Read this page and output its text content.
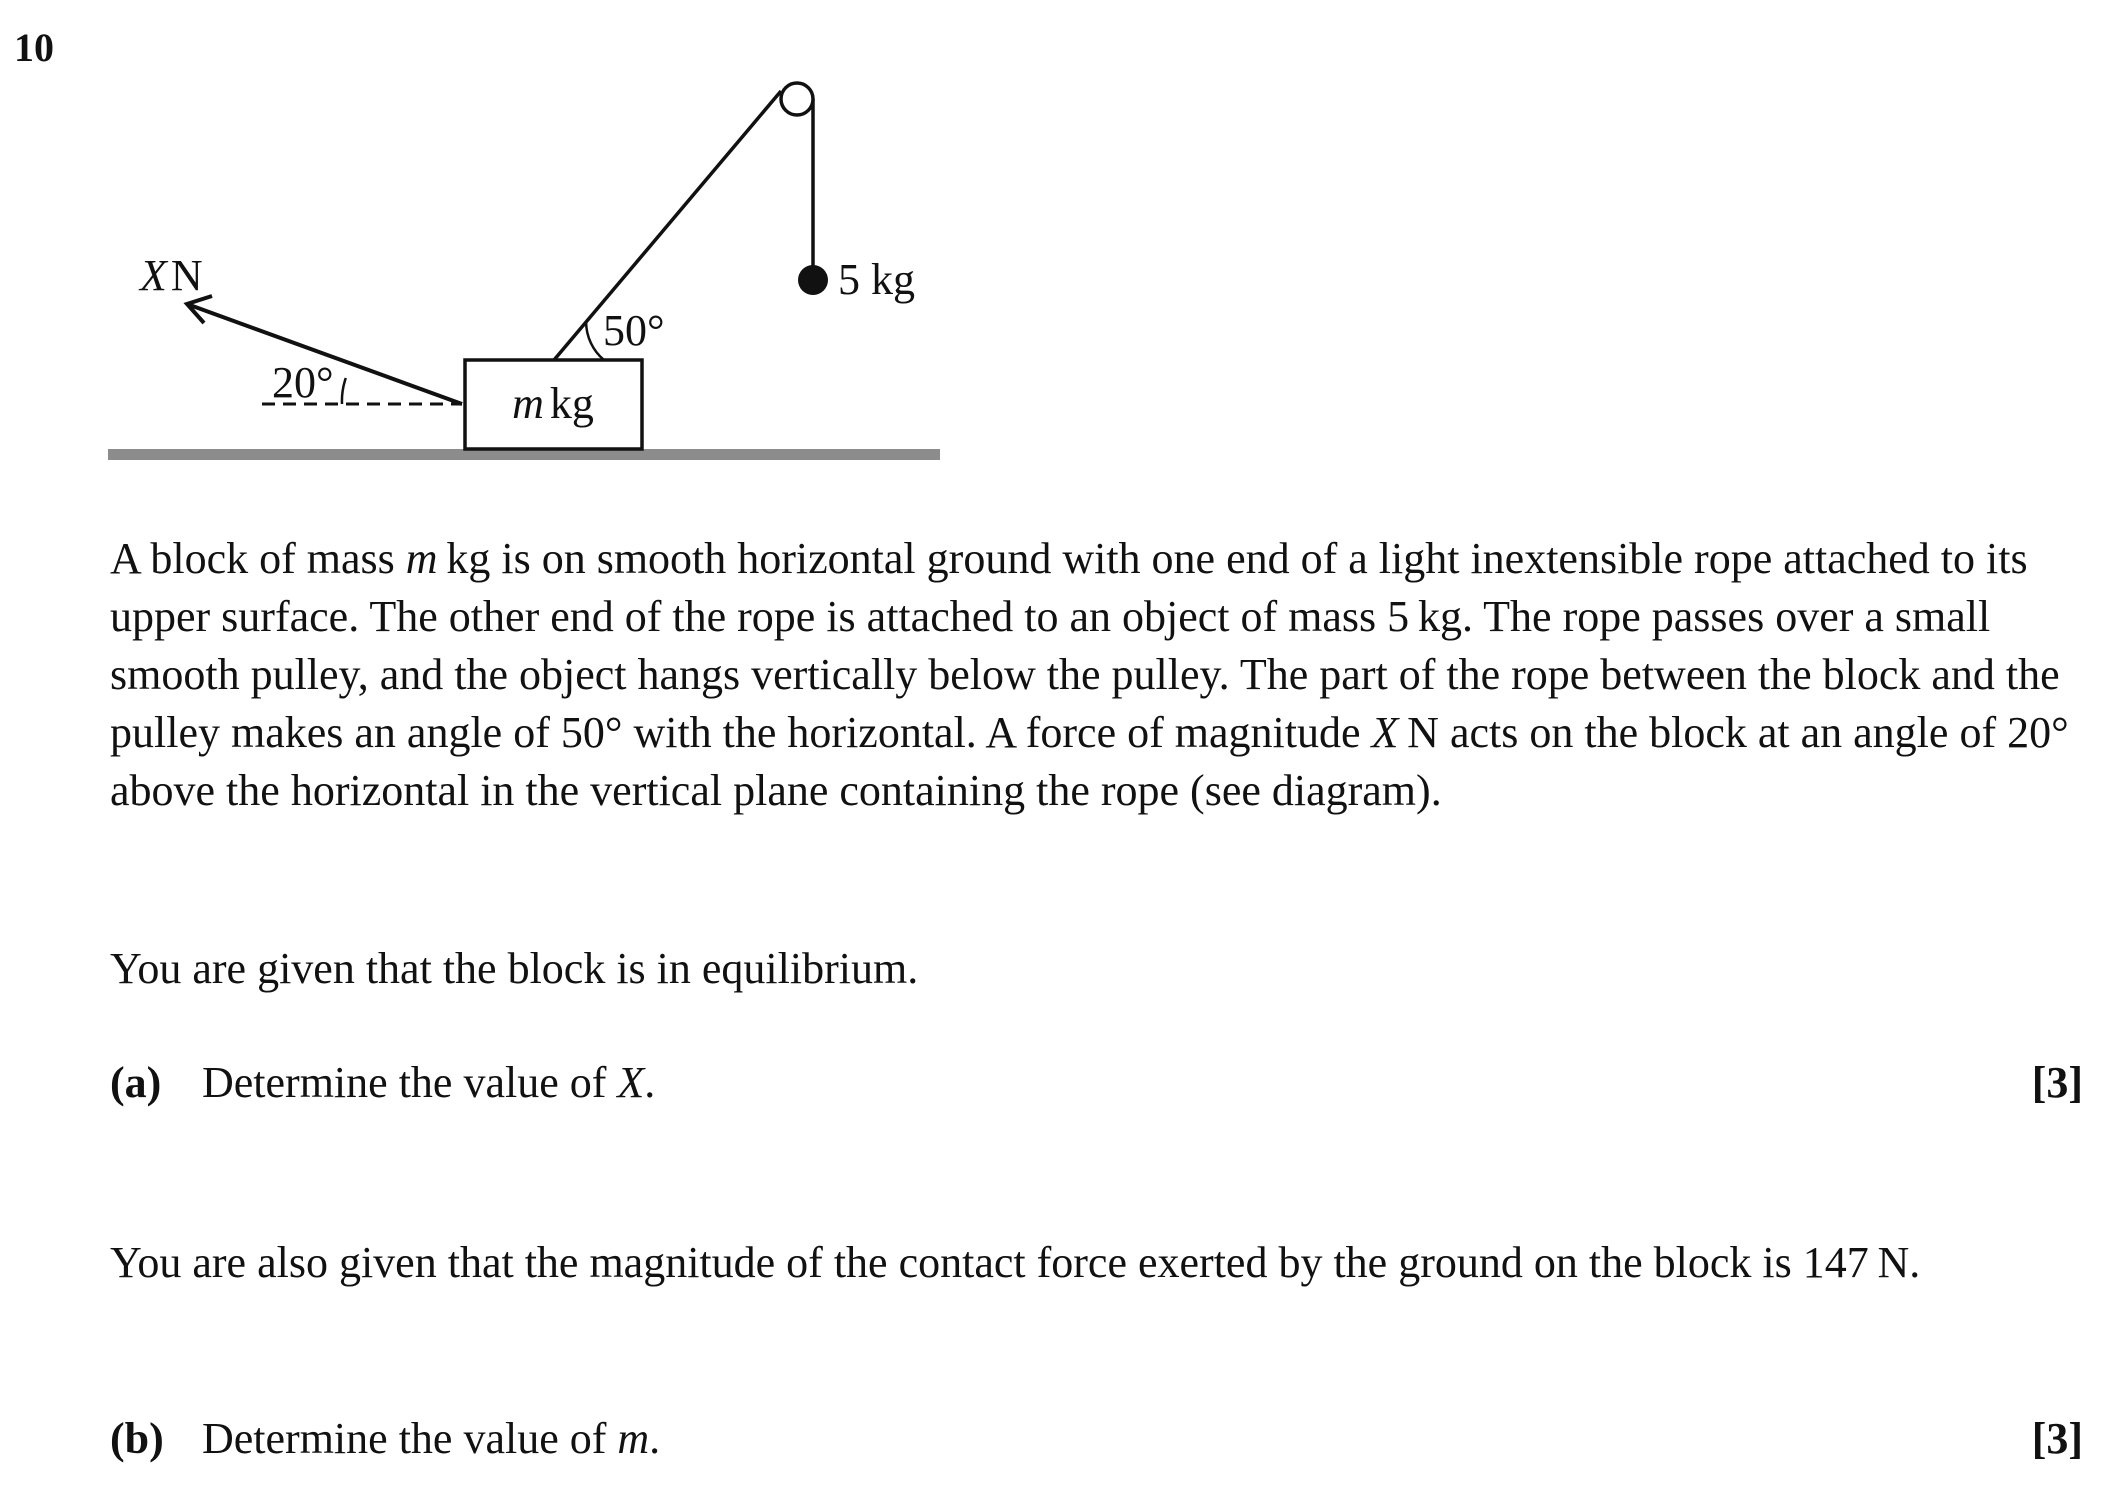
10
m kg
5 kg
50°
XN
20°

A block of mass m kg is on smooth horizontal ground with one end of a light inextensible rope attached to its upper surface. The other end of the rope is attached to an object of mass 5 kg. The rope passes over a small smooth pulley, and the object hangs vertically below the pulley. The part of the rope between the block and the pulley makes an angle of 50° with the horizontal. A force of magnitude X N acts on the block at an angle of 20° above the horizontal in the vertical plane containing the rope (see diagram).

You are given that the block is in equilibrium.

(a) Determine the value of X.	[3]

You are also given that the magnitude of the contact force exerted by the ground on the block is 147 N.

(b) Determine the value of m.	[3]
